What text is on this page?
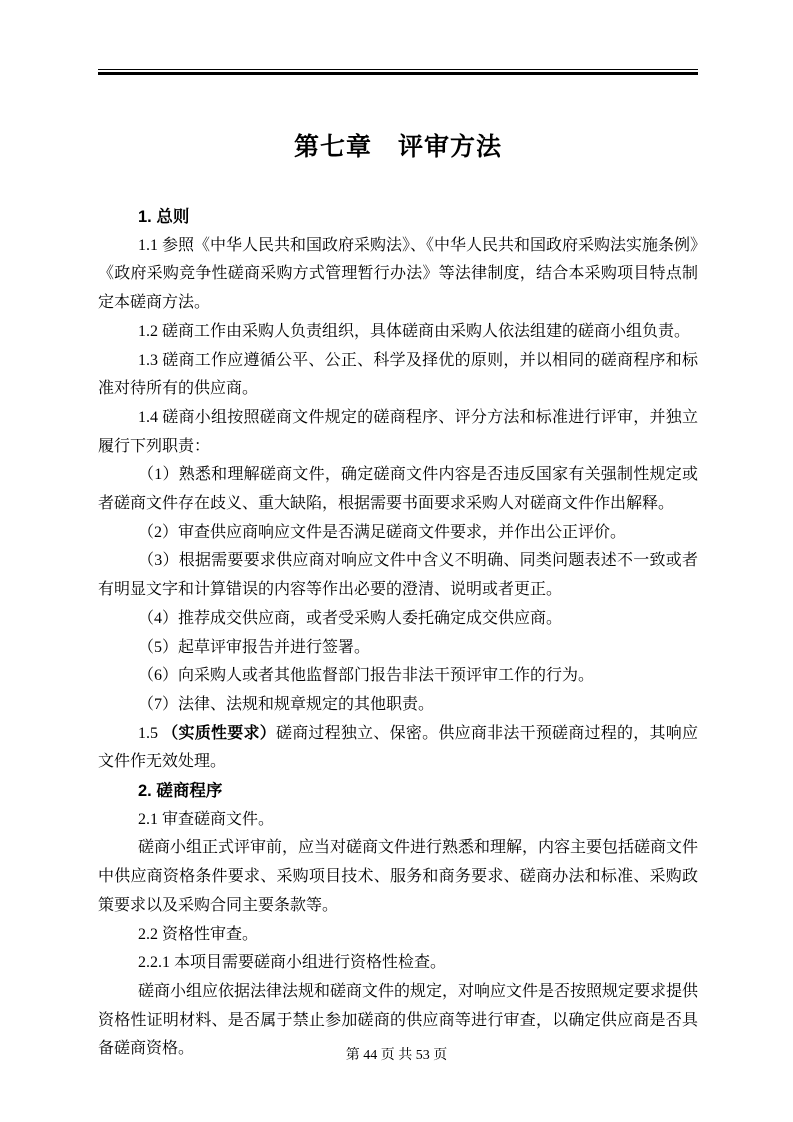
第七章　评审方法

1. 总则

1.1 参照《中华人民共和国政府采购法》、《中华人民共和国政府采购法实施条例》《政府采购竞争性磋商采购方式管理暂行办法》等法律制度，结合本采购项目特点制定本磋商方法。

1.2 磋商工作由采购人负责组织，具体磋商由采购人依法组建的磋商小组负责。

1.3 磋商工作应遵循公平、公正、科学及择优的原则，并以相同的磋商程序和标准对待所有的供应商。

1.4 磋商小组按照磋商文件规定的磋商程序、评分方法和标准进行评审，并独立履行下列职责：

（1）熟悉和理解磋商文件，确定磋商文件内容是否违反国家有关强制性规定或者磋商文件存在歧义、重大缺陷，根据需要书面要求采购人对磋商文件作出解释。

（2）审查供应商响应文件是否满足磋商文件要求，并作出公正评价。

（3）根据需要要求供应商对响应文件中含义不明确、同类问题表述不一致或者有明显文字和计算错误的内容等作出必要的澄清、说明或者更正。

（4）推荐成交供应商，或者受采购人委托确定成交供应商。

（5）起草评审报告并进行签署。

（6）向采购人或者其他监督部门报告非法干预评审工作的行为。

（7）法律、法规和规章规定的其他职责。

1.5 （实质性要求）磋商过程独立、保密。供应商非法干预磋商过程的，其响应文件作无效处理。

2. 磋商程序

2.1 审查磋商文件。

磋商小组正式评审前，应当对磋商文件进行熟悉和理解，内容主要包括磋商文件中供应商资格条件要求、采购项目技术、服务和商务要求、磋商办法和标准、采购政策要求以及采购合同主要条款等。

2.2 资格性审查。

2.2.1 本项目需要磋商小组进行资格性检查。

磋商小组应依据法律法规和磋商文件的规定，对响应文件是否按照规定要求提供资格性证明材料、是否属于禁止参加磋商的供应商等进行审查，以确定供应商是否具备磋商资格。	第 44 页 共 53 页
